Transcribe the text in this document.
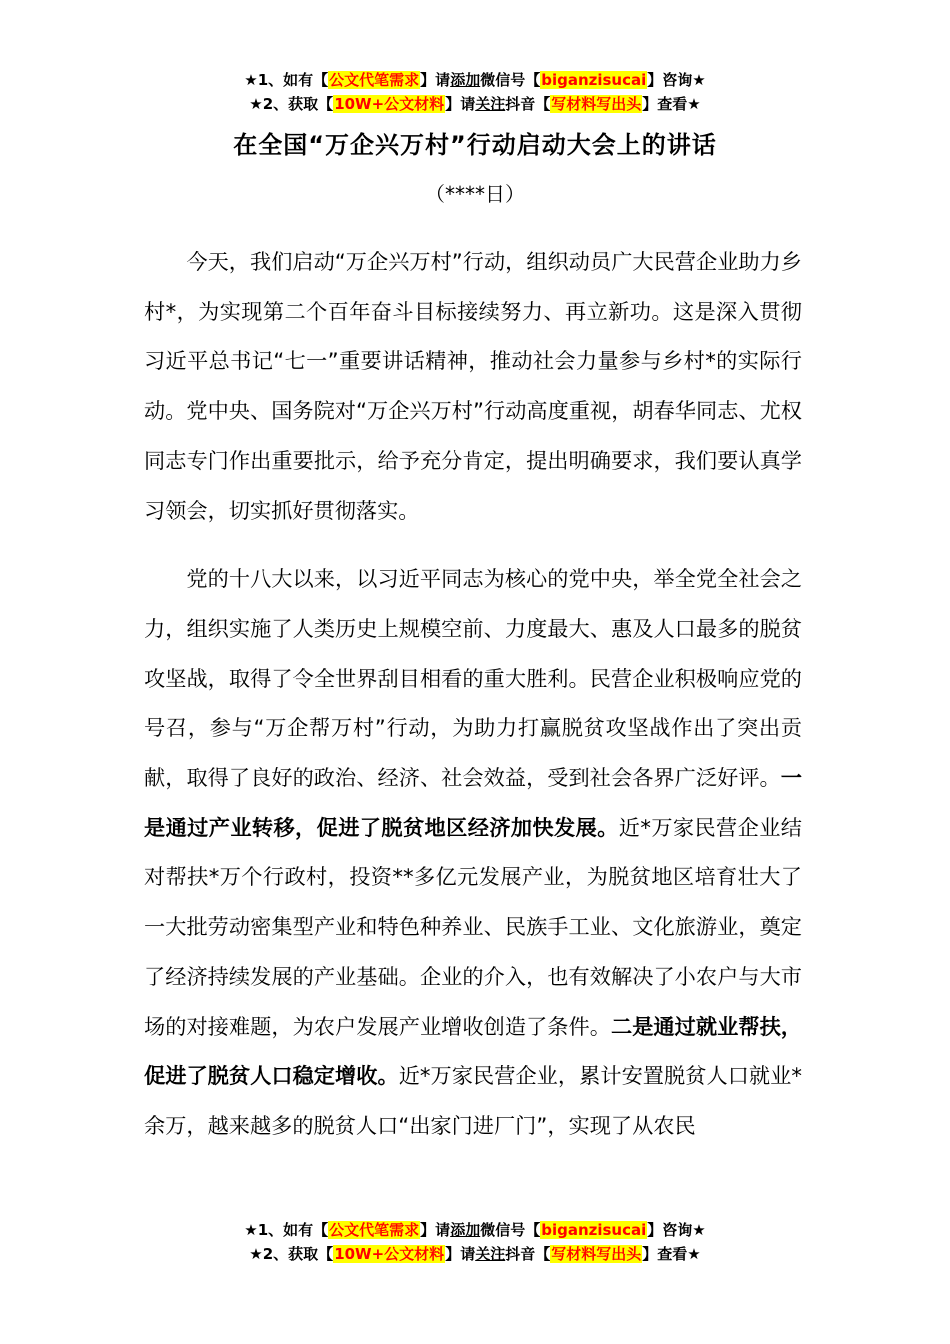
★1、如有【公文代笔需求】请添加微信号【biganzisucai】咨询★
★2、获取【10W+公文材料】请关注抖音【写材料写出头】查看★
在全国“万企兴万村”行动启动大会上的讲话
（****日）

今天，我们启动“万企兴万村”行动，组织动员广大民营企业助力乡村*，为实现第二个百年奋斗目标接续努力、再立新功。这是深入贯彻习近平总书记“七一”重要讲话精神，推动社会力量参与乡村*的实际行动。党中央、国务院对“万企兴万村”行动高度重视，胡春华同志、尤权同志专门作出重要批示，给予充分肯定，提出明确要求，我们要认真学习领会，切实抓好贯彻落实。

党的十八大以来，以习近平同志为核心的党中央，举全党全社会之力，组织实施了人类历史上规模空前、力度最大、惠及人口最多的脱贫攻坚战，取得了令全世界刮目相看的重大胜利。民营企业积极响应党的号召，参与“万企帮万村”行动，为助力打赢脱贫攻坚战作出了突出贡献，取得了良好的政治、经济、社会效益，受到社会各界广泛好评。一是通过产业转移，促进了脱贫地区经济加快发展。近*万家民营企业结对帮扶*万个行政村，投资**多亿元发展产业，为脱贫地区培育壮大了一大批劳动密集型产业和特色种养业、民族手工业、文化旅游业，奠定了经济持续发展的产业基础。企业的介入，也有效解决了小农户与大市场的对接难题，为农户发展产业增收创造了条件。二是通过就业帮扶，促进了脱贫人口稳定增收。近*万家民营企业，累计安置脱贫人口就业*余万，越来越多的脱贫人口“出家门进厂门”，实现了从农民

★1、如有【公文代笔需求】请添加微信号【biganzisucai】咨询★
★2、获取【10W+公文材料】请关注抖音【写材料写出头】查看★
